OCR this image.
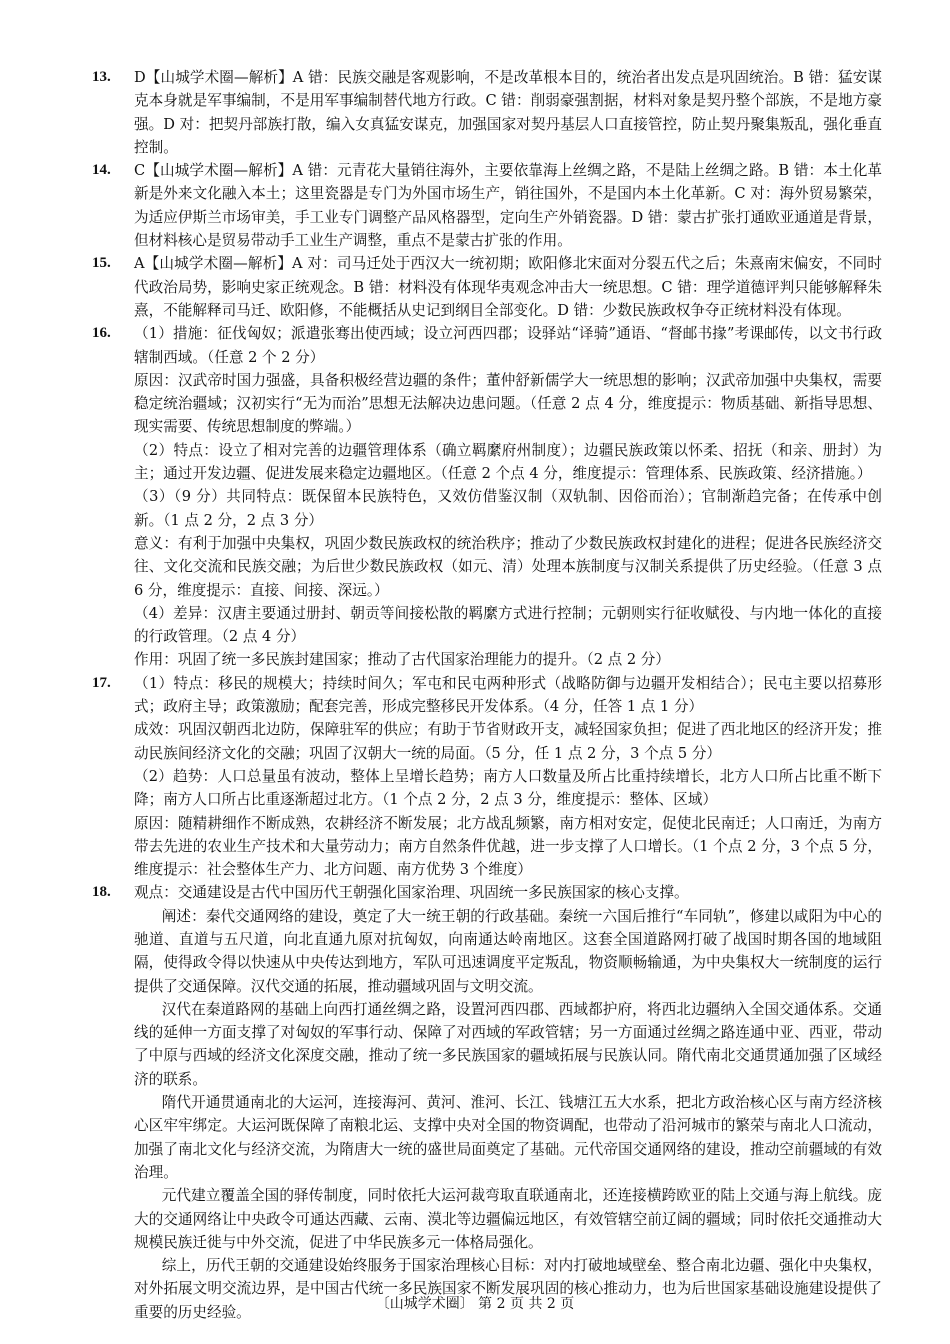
13. D【山城学术圈—解析】A 错：民族交融是客观影响，不是改革根本目的，统治者出发点是巩固统治。B 错：猛安谋克本身就是军事编制，不是用军事编制替代地方行政。C 错：削弱豪强割据，材料对象是契丹整个部族，不是地方豪强。D 对：把契丹部族打散，编入女真猛安谋克，加强国家对契丹基层人口直接管控，防止契丹聚集叛乱，强化垂直控制。

14. C【山城学术圈—解析】A 错：元青花大量销往海外，主要依靠海上丝绸之路，不是陆上丝绸之路。B 错：本土化革新是外来文化融入本土；这里瓷器是专门为外国市场生产，销往国外，不是国内本土化革新。C 对：海外贸易繁荣，为适应伊斯兰市场审美，手工业专门调整产品风格器型，定向生产外销瓷器。D 错：蒙古扩张打通欧亚通道是背景，但材料核心是贸易带动手工业生产调整，重点不是蒙古扩张的作用。

15. A【山城学术圈—解析】A 对：司马迁处于西汉大一统初期；欧阳修北宋面对分裂五代之后；朱熹南宋偏安，不同时代政治局势，影响史家正统观念。B 错：材料没有体现华夷观念冲击大一统思想。C 错：理学道德评判只能够解释朱熹，不能解释司马迁、欧阳修，不能概括从史记到纲目全部变化。D 错：少数民族政权争夺正统材料没有体现。

16. （1）措施：征伐匈奴；派遣张骞出使西域；设立河西四郡；设驿站“译骑”通语、“督邮书掾”考课邮传，以文书行政辖制西域。（任意 2 个 2 分）

原因：汉武帝时国力强盛，具备积极经营边疆的条件；董仲舒新儒学大一统思想的影响；汉武帝加强中央集权，需要稳定统治疆域；汉初实行“无为而治”思想无法解决边患问题。（任意 2 点 4 分，维度提示：物质基础、新指导思想、现实需要、传统思想制度的弊端。）

（2）特点：设立了相对完善的边疆管理体系（确立羁縻府州制度）；边疆民族政策以怀柔、招抚（和亲、册封）为主；通过开发边疆、促进发展来稳定边疆地区。（任意 2 个点 4 分，维度提示：管理体系、民族政策、经济措施。）

（3）（9 分）共同特点：既保留本民族特色，又效仿借鉴汉制（双轨制、因俗而治）；官制渐趋完备；在传承中创新。（1 点 2 分，2 点 3 分）

意义：有利于加强中央集权，巩固少数民族政权的统治秩序；推动了少数民族政权封建化的进程；促进各民族经济交往、文化交流和民族交融；为后世少数民族政权（如元、清）处理本族制度与汉制关系提供了历史经验。（任意 3 点 6 分，维度提示：直接、间接、深远。）

（4）差异：汉唐主要通过册封、朝贡等间接松散的羁縻方式进行控制；元朝则实行征收赋役、与内地一体化的直接的行政管理。（2 点 4 分）

作用：巩固了统一多民族封建国家；推动了古代国家治理能力的提升。（2 点 2 分）

17. （1）特点：移民的规模大；持续时间久；军屯和民屯两种形式（战略防御与边疆开发相结合）；民屯主要以招募形式；政府主导；政策激励；配套完善，形成完整移民开发体系。（4 分，任答 1 点 1 分）

成效：巩固汉朝西北边防，保障驻军的供应；有助于节省财政开支，减轻国家负担；促进了西北地区的经济开发；推动民族间经济文化的交融；巩固了汉朝大一统的局面。（5 分，任 1 点 2 分，3 个点 5 分）

（2）趋势：人口总量虽有波动，整体上呈增长趋势；南方人口数量及所占比重持续增长，北方人口所占比重不断下降；南方人口所占比重逐渐超过北方。（1 个点 2 分，2 点 3 分，维度提示：整体、区域）

原因：随精耕细作不断成熟，农耕经济不断发展；北方战乱频繁，南方相对安定，促使北民南迁；人口南迁，为南方带去先进的农业生产技术和大量劳动力；南方自然条件优越，进一步支撑了人口增长。（1 个点 2 分，3 个点 5 分，维度提示：社会整体生产力、北方问题、南方优势 3 个维度）

18. 观点：交通建设是古代中国历代王朝强化国家治理、巩固统一多民族国家的核心支撑。

阐述：秦代交通网络的建设，奠定了大一统王朝的行政基础。秦统一六国后推行“车同轨”，修建以咸阳为中心的驰道、直道与五尺道，向北直通九原对抗匈奴，向南通达岭南地区。这套全国道路网打破了战国时期各国的地域阻隔，使得政令得以快速从中央传达到地方，军队可迅速调度平定叛乱，物资顺畅输通，为中央集权大一统制度的运行提供了交通保障。汉代交通的拓展，推动疆域巩固与文明交流。

汉代在秦道路网的基础上向西打通丝绸之路，设置河西四郡、西域都护府，将西北边疆纳入全国交通体系。交通线的延伸一方面支撑了对匈奴的军事行动、保障了对西域的军政管辖；另一方面通过丝绸之路连通中亚、西亚，带动了中原与西域的经济文化深度交融，推动了统一多民族国家的疆域拓展与民族认同。隋代南北交通贯通加强了区域经济的联系。

隋代开通贯通南北的大运河，连接海河、黄河、淮河、长江、钱塘江五大水系，把北方政治核心区与南方经济核心区牢牢绑定。大运河既保障了南粮北运、支撑中央对全国的物资调配，也带动了沿河城市的繁荣与南北人口流动，加强了南北文化与经济交流，为隋唐大一统的盛世局面奠定了基础。元代帝国交通网络的建设，推动空前疆域的有效治理。

元代建立覆盖全国的驿传制度，同时依托大运河裁弯取直联通南北，还连接横跨欧亚的陆上交通与海上航线。庞大的交通网络让中央政令可通达西藏、云南、漠北等边疆偏远地区，有效管辖空前辽阔的疆域；同时依托交通推动大规模民族迁徙与中外交流，促进了中华民族多元一体格局强化。

综上，历代王朝的交通建设始终服务于国家治理核心目标：对内打破地域壁垒、整合南北边疆、强化中央集权，对外拓展文明交流边界，是中国古代统一多民族国家不断发展巩固的核心推动力，也为后世国家基础设施建设提供了重要的历史经验。	〔山城学术圈〕 第 2 页 共 2 页
